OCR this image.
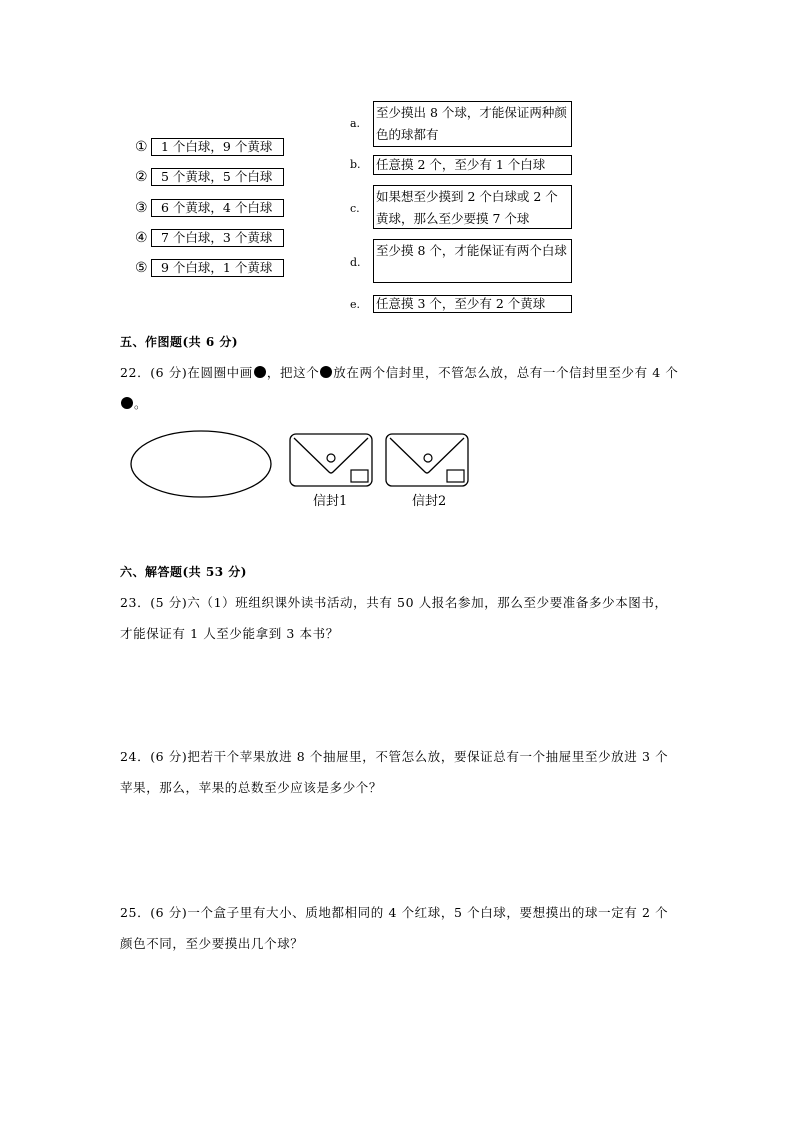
①	1 个白球，9 个黄球
②	5 个黄球，5 个白球
③	6 个黄球，4 个白球
④	7 个白球，3 个黄球
⑤	9 个白球，1 个黄球
a.
至少摸出 8 个球，才能保证两种颜色的球都有
b. 任意摸 2 个，至少有 1 个白球
c.
如果想至少摸到 2 个白球或 2 个黄球，那么至少要摸 7 个球
d.
至少摸 8 个，才能保证有两个白球
e. 任意摸 3 个，至少有 2 个黄球
五、作图题(共 6 分)
22．(6 分)在圆圈中画 ，把这个 放在两个信封里，不管怎么放，总有一个信封里至少有 4 个。
信封1	信封2
六、解答题(共 53 分)
23．(5 分)六（1）班组织课外读书活动，共有 50 人报名参加，那么至少要准备多少本图书，才能保证有 1 人至少能拿到 3 本书？
24．(6 分)把若干个苹果放进 8 个抽屉里，不管怎么放，要保证总有一个抽屉里至少放进 3 个苹果，那么，苹果的总数至少应该是多少个？
25．(6 分)一个盒子里有大小、质地都相同的 4 个红球，5 个白球，要想摸出的球一定有 2 个颜色不同，至少要摸出几个球？
